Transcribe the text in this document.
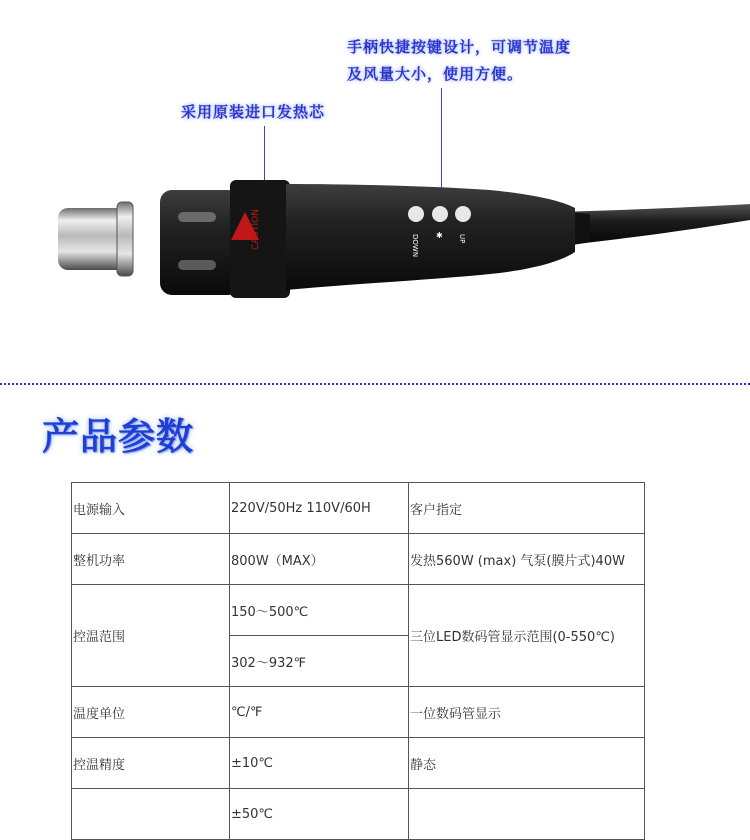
手柄快捷按键设计，可调节温度
及风量大小，使用方便。
采用原装进口发热芯
CAUTION	UP
✱
DOWN
产品参数
电源输入	220V/50Hz 110V/60H	客户指定
整机功率	800W（MAX）	发热560W (max) 气泵(膜片式)40W
控温范围	150～500℃	三位LED数码管显示范围(0-550℃)
	302～932℉	
温度单位	℃/℉	一位数码管显示
控温精度	±10℃	静态
	±50℃	
